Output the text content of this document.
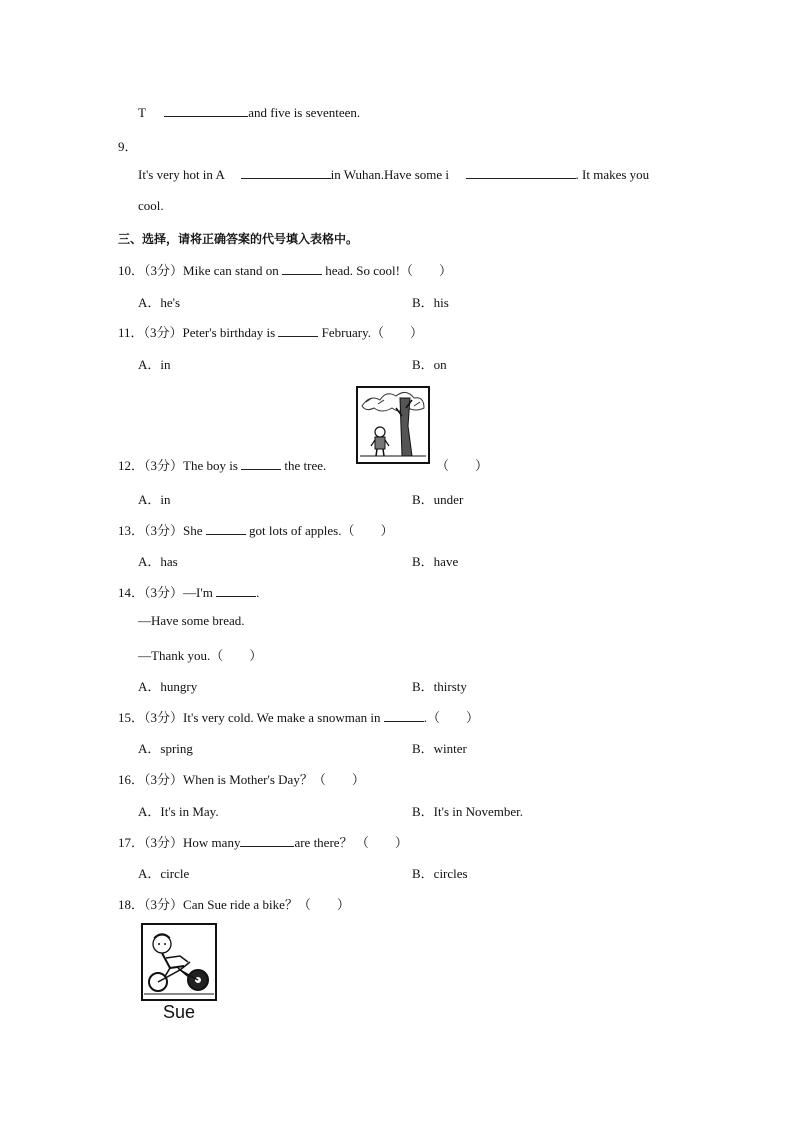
T	and five is seventeen.
9．
It's very hot in A	in Wuhan.Have some i	. It makes you
cool.
三、选择，请将正确答案的代号填入表格中。
10．（3分）Mike can stand on	head. So cool!（　　）
A．he's	B．his
11．（3分）Peter's birthday is	February.（　　）
A．in	B．on
12．（3分）The boy is	the tree.	（　　）
A．in	B．under
13．（3分）She	got lots of apples.（　　）
A．has	B．have
14．（3分）—I'm	.
—Have some bread.
—Thank you.（　　）
A．hungry	B．thirsty
15．（3分）It's very cold. We make a snowman in	.（　　）
A．spring	B．winter
16．（3分）When is Mother's Day？（　　）
A．It's in May.	B．It's in November.
17．（3分）How many	are there？ （　　）
A．circle	B．circles
18．（3分）Can Sue ride a bike？（　　）
Sue
